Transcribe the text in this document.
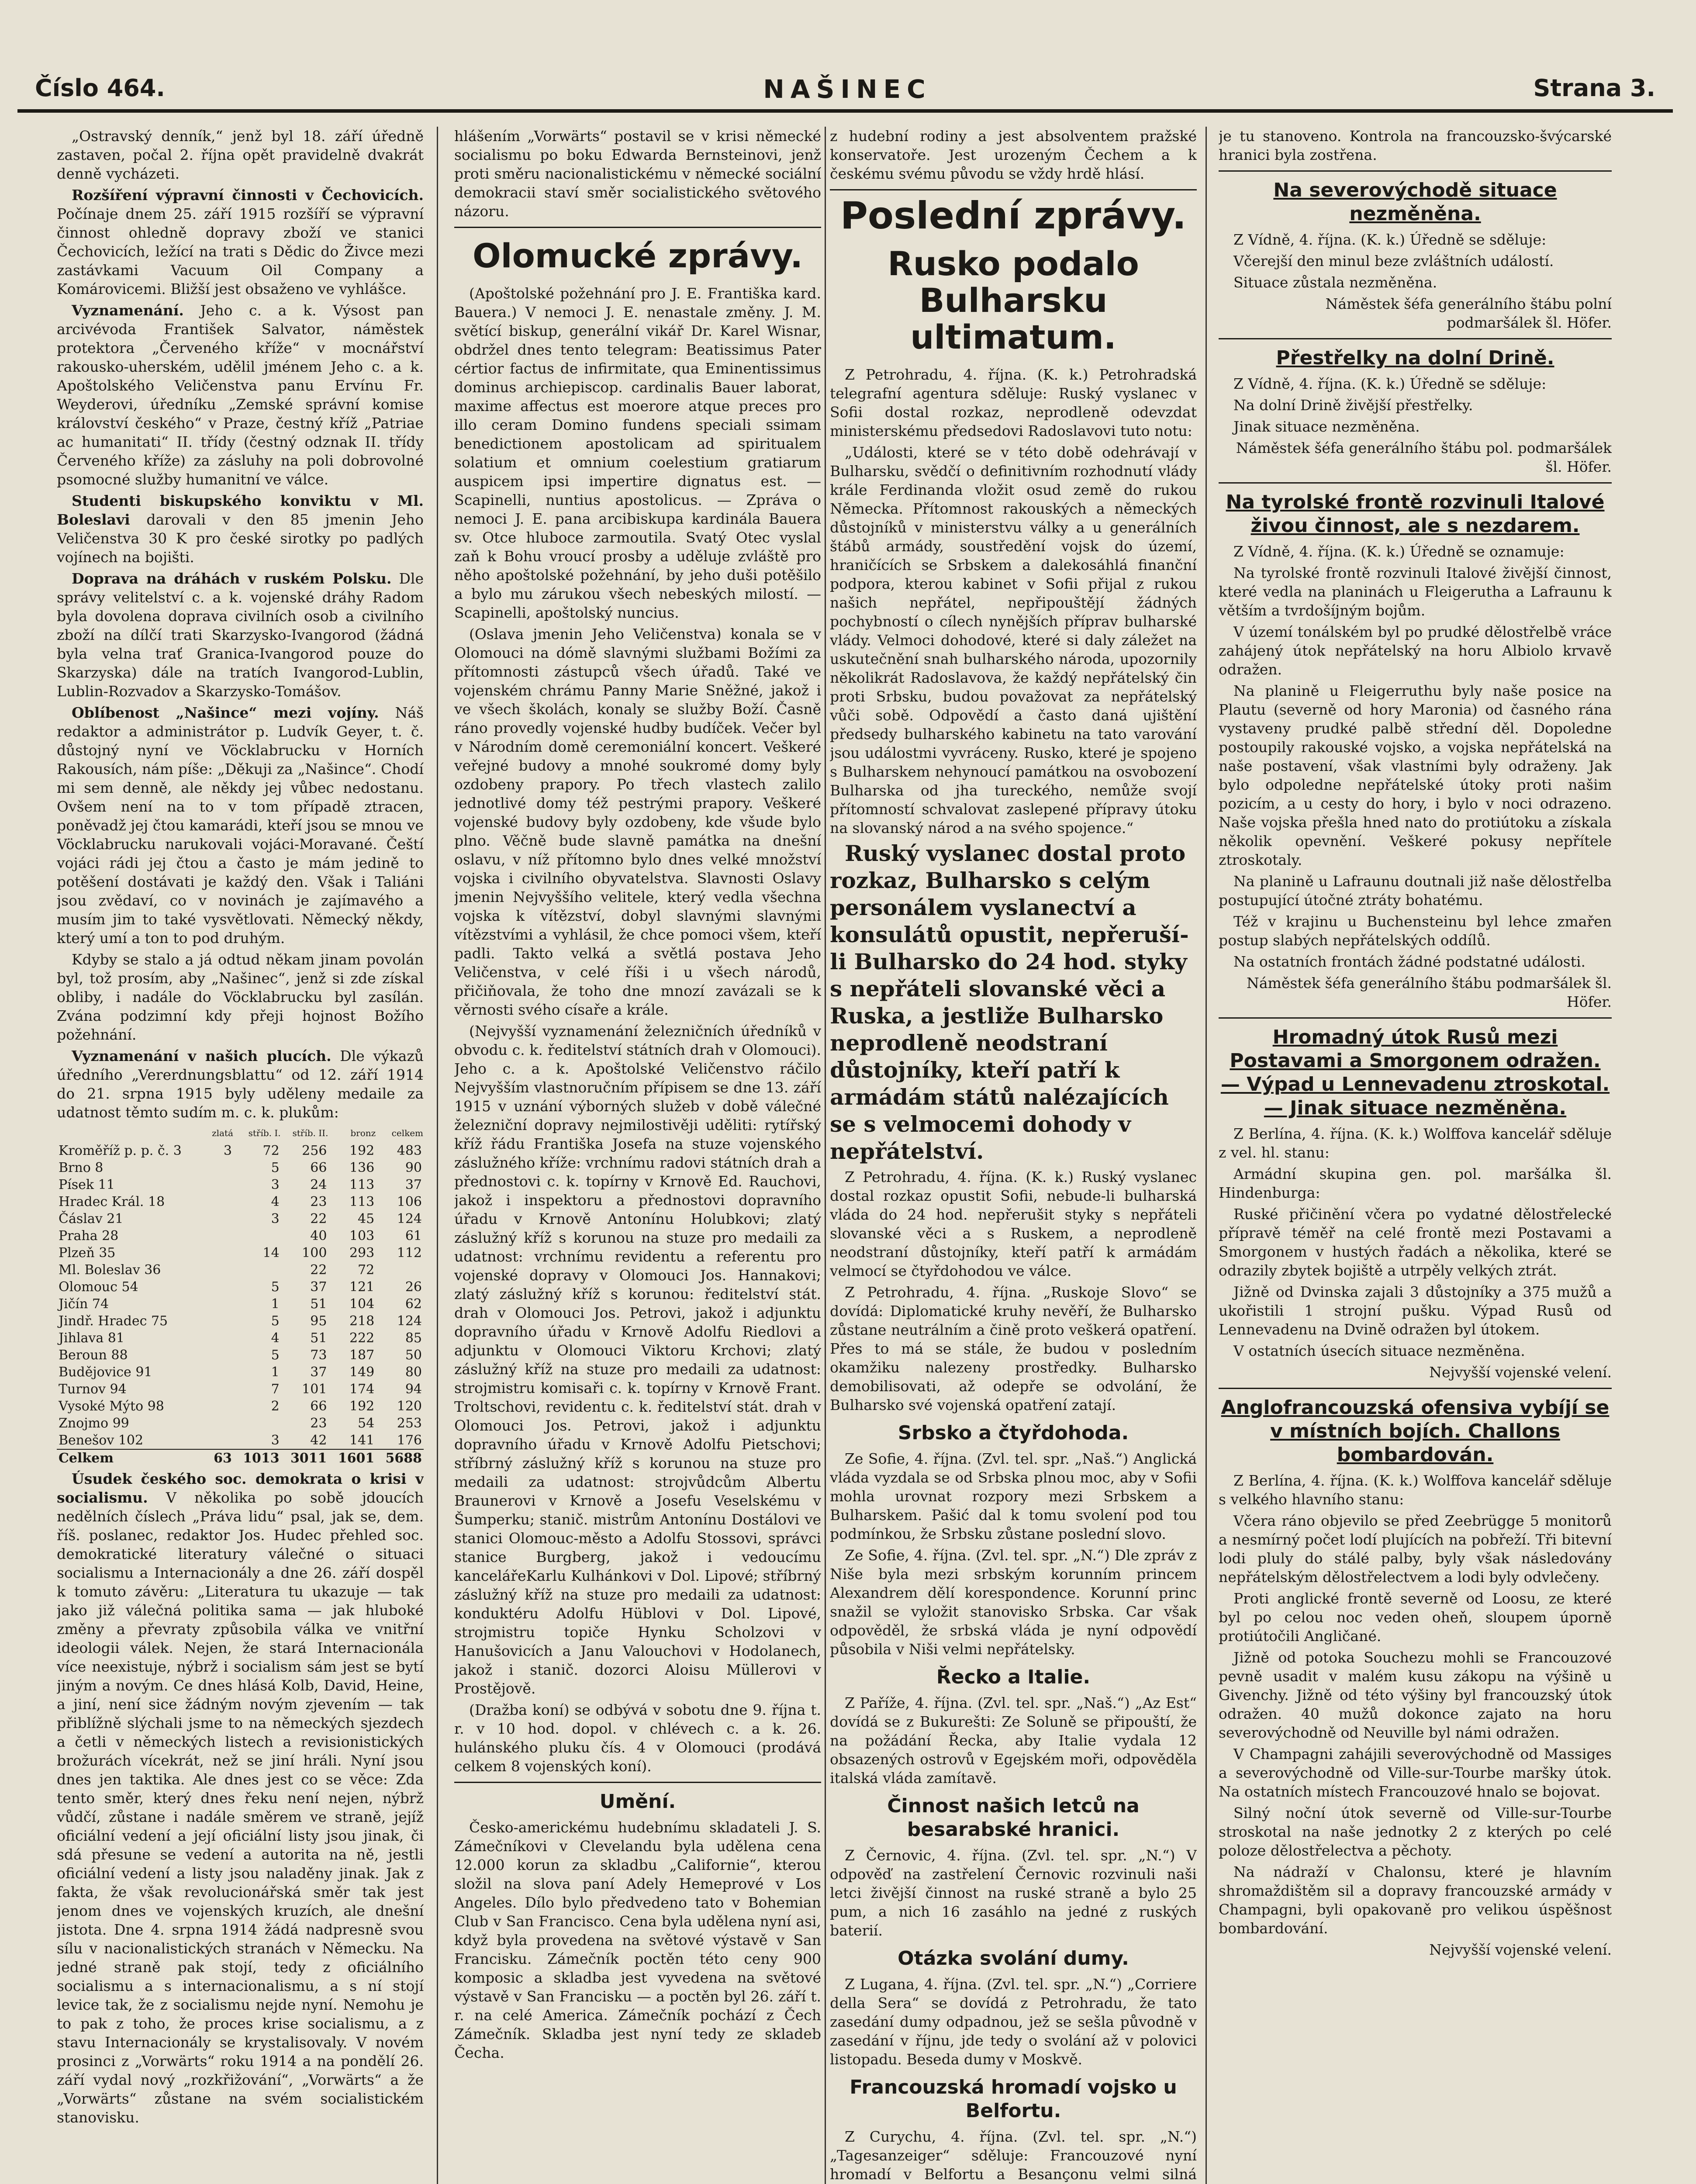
Číslo 464.	NAŠINEC	Strana 3.

„Ostravský denník,“ jenž byl 18. září úředně zastaven, počal 2. října opět pravidelně dvakrát denně vycházeti.

Rozšíření výpravní činnosti v Čechovicích. Počínaje dnem 25. září 1915 rozšíří se výpravní činnost ohledně dopravy zboží ve stanici Čechovicích, ležící na trati s Dědic do Živce mezi zastávkami Vacuum Oil Company a Komárovicemi. Bližší jest obsaženo ve vyhlášce.

Vyznamenání. Jeho c. a k. Výsost pan arcivévoda František Salvator, náměstek protektora „Červeného kříže“ v mocnářství rakousko-uherském, udělil jménem Jeho c. a k. Apoštolského Veličenstva panu Ervínu Fr. Weyderovi, úředníku „Zemské správní komise království českého“ v Praze, čestný kříž „Patriae ac humanitati“ II. třídy (čestný odznak II. třídy Červeného kříže) za zásluhy na poli dobrovolné psomocné služby humanitní ve válce.

Studenti biskupského konviktu v Ml. Boleslavi darovali v den 85 jmenin Jeho Veličenstva 30 K pro české sirotky po padlých vojínech na bojišti.

Doprava na dráhách v ruském Polsku. Dle správy velitelství c. a k. vojenské dráhy Radom byla dovolena doprava civilních osob a civilního zboží na dílčí trati Skarzysko-Ivangorod (žádná byla velna trať Granica-Ivangorod pouze do Skarzyska) dále na tratích Ivangorod-Lublin, Lublin-Rozvadov a Skarzysko-Tomášov.

Oblíbenost „Našince“ mezi vojíny. Náš redaktor a administrátor p. Ludvík Geyer, t. č. důstojný nyní ve Vöcklabrucku v Horních Rakousích, nám píše: „Děkuji za „Našince“. Chodí mi sem denně, ale někdy jej vůbec nedostanu. Ovšem není na to v tom případě ztracen, poněvadž jej čtou kamarádi, kteří jsou se mnou ve Vöcklabrucku narukovali vojáci-Moravané. Čeští vojáci rádi jej čtou a často je mám jedině to potěšení dostávati je každý den. Však i Taliáni jsou zvědaví, co v novinách je zajímavého a musím jim to také vysvětlovati. Německý někdy, který umí a ton to pod druhým.

Kdyby se stalo a já odtud někam jinam povolán byl, tož prosím, aby „Našinec“, jenž si zde získal obliby, i nadále do Vöcklabrucku byl zasílán. Zvána podzimní kdy přeji hojnost Božího požehnání.

Vyznamenání v našich plucích. Dle výkazů úředního „Vererdnungsblattu“ od 12. září 1914 do 21. srpna 1915 byly uděleny medaile za udatnost těmto sudím m. c. k. plukům:

	zlatá	stříb. I.	stříb. II.	bronz	celkem
Kroměříž p. p. č. 3	3	72	256	192	483
Brno 8		5	66	136	90
Písek 11		3	24	113	37
Hradec Král. 18		4	23	113	106
Čáslav 21		3	22	45	124
Praha 28			40	103	61
Plzeň 35		14	100	293	112
Ml. Boleslav 36			22	72	
Olomouc 54		5	37	121	26
Jičín 74		1	51	104	62
Jindř. Hradec 75		5	95	218	124
Jihlava 81		4	51	222	85
Beroun 88		5	73	187	50
Budějovice 91		1	37	149	80
Turnov 94		7	101	174	94
Vysoké Mýto 98		2	66	192	120
Znojmo 99			23	54	253
Benešov 102		3	42	141	176
Celkem	63	1013	3011	1601	5688

Úsudek českého soc. demokrata o krisi v socialismu. V několika po sobě jdoucích nedělních číslech „Práva lidu“ psal, jak se, dem. říš. poslanec, redaktor Jos. Hudec přehled soc. demokratické literatury válečné o situaci socialismu a Internacionály a dne 26. září dospěl k tomuto závěru: „Literatura tu ukazuje — tak jako již válečná politika sama — jak hluboké změny a převraty způsobila válka ve vnitřní ideologii válek. Nejen, že stará Internacionála více neexistuje, nýbrž i socialism sám jest se bytí jiným a novým. Ce dnes hlásá Kolb, David, Heine, a jiní, není sice žádným novým zjevením — tak přiblížně slýchali jsme to na německých sjezdech a četli v německých listech a revisionistických brožurách vícekrát, než se jiní hráli. Nyní jsou dnes jen taktika. Ale dnes jest co se věce: Zda tento směr, který dnes řeku není nejen, nýbrž vůdčí, zůstane i nadále směrem ve straně, jejíž oficiální vedení a její oficiální listy jsou jinak, či sdá přesune se vedení a autorita na ně, jestli oficiální vedení a listy jsou naladěny jinak. Jak z fakta, že však revolucionářská směr tak jest jenom dnes ve vojenských kruzích, ale dnešní jistota. Dne 4. srpna 1914 žádá nadpresně svou sílu v nacionalistických stranách v Německu. Na jedné straně pak stojí, tedy z oficiálního socialismu a s internacionalismu, a s ní stojí levice tak, že z socialismu nejde nyní. Nemohu je to pak z toho, že proces krise socialismu, a z stavu Internacionály se krystalisovaly. V novém prosinci z „Vorwärts“ roku 1914 a na pondělí 26. září vydal nový „rozkřižování“, „Vorwärts“ a že „Vorwärts“ zůstane na svém socialistickém stanovisku.

hlášením „Vorwärts“ postavil se v krisi německé socialismu po boku Edwarda Bernsteinovi, jenž proti směru nacionalistickému v německé sociální demokracii staví směr socialistického světového názoru.

Olomucké zprávy.

(Apoštolské požehnání pro J. E. Františka kard. Bauera.) V nemoci J. E. nenastale změny. J. M. světící biskup, generální vikář Dr. Karel Wisnar, obdržel dnes tento telegram: Beatissimus Pater cértior factus de infirmitate, qua Eminentissimus dominus archiepiscop. cardinalis Bauer laborat, maxime affectus est moerore atque preces pro illo ceram Domino fundens speciali ssimam benedictionem apostolicam ad spiritualem solatium et omnium coelestium gratiarum auspicem ipsi impertire dignatus est. — Scapinelli, nuntius apostolicus. — Zpráva o nemoci J. E. pana arcibiskupa kardinála Bauera sv. Otce hluboce zarmoutila. Svatý Otec vyslal zaň k Bohu vroucí prosby a uděluje zvláště pro něho apoštolské požehnání, by jeho duši potěšilo a bylo mu zárukou všech nebeských milostí. — Scapinelli, apoštolský nuncius.

(Oslava jmenin Jeho Veličenstva) konala se v Olomouci na dómě slavnými službami Božími za přítomnosti zástupců všech úřadů. Také ve vojenském chrámu Panny Marie Sněžné, jakož i ve všech školách, konaly se služby Boží. Časně ráno provedly vojenské hudby budíček. Večer byl v Národním domě ceremoniální koncert. Veškeré veřejné budovy a mnohé soukromé domy byly ozdobeny prapory. Po třech vlastech zalilo jednotlivé domy též pestrými prapory. Veškeré vojenské budovy byly ozdobeny, kde všude bylo plno. Věčně bude slavně památka na dnešní oslavu, v níž přítomno bylo dnes velké množství vojska i civilního obyvatelstva. Slavnosti Oslavy jmenin Nejvyššího velitele, který vedla všechna vojska k vítězství, dobyl slavnými slavnými vítězstvími a vyhlásil, že chce pomoci všem, kteří padli. Takto velká a světlá postava Jeho Veličenstva, v celé říši i u všech národů, přičiňovala, že toho dne mnozí zavázali se k věrnosti svého císaře a krále.

(Nejvyšší vyznamenání železničních úředníků v obvodu c. k. ředitelství státních drah v Olomouci). Jeho c. a k. Apoštolské Veličenstvo ráčilo Nejvyšším vlastnoručním přípisem se dne 13. září 1915 v uznání výborných služeb v době válečné železniční dopravy nejmilostivěji uděliti: rytířský kříž řádu Františka Josefa na stuze vojenského záslužného kříže: vrchnímu radovi státních drah a přednostovi c. k. topírny v Krnově Ed. Rauchovi, jakož i inspektoru a přednostovi dopravního úřadu v Krnově Antonínu Holubkovi; zlatý záslužný kříž s korunou na stuze pro medaili za udatnost: vrchnímu revidentu a referentu pro vojenské dopravy v Olomouci Jos. Hannakovi; zlatý záslužný kříž s korunou: ředitelství stát. drah v Olomouci Jos. Petrovi, jakož i adjunktu dopravního úřadu v Krnově Adolfu Riedlovi a adjunktu v Olomouci Viktoru Krchovi; zlatý záslužný kříž na stuze pro medaili za udatnost: strojmistru komisaři c. k. topírny v Krnově Frant. Troltschovi, revidentu c. k. ředitelství stát. drah v Olomouci Jos. Petrovi, jakož i adjunktu dopravního úřadu v Krnově Adolfu Pietschovi; stříbrný záslužný kříž s korunou na stuze pro medaili za udatnost: strojvůdcům Albertu Braunerovi v Krnově a Josefu Veselskému v Šumperku; stanič. mistrům Antonínu Dostálovi ve stanici Olomouc-město a Adolfu Stossovi, správci stanice Burgberg, jakož i vedoucímu kancelářeKarlu Kulhánkovi v Dol. Lipové; stříbrný záslužný kříž na stuze pro medaili za udatnost: konduktéru Adolfu Hüblovi v Dol. Lipové, strojmistru topiče Hynku Scholzovi v Hanušovicích a Janu Valouchovi v Hodolanech, jakož i stanič. dozorci Aloisu Müllerovi v Prostějově.

(Dražba koní) se odbývá v sobotu dne 9. října t. r. v 10 hod. dopol. v chlévech c. a k. 26. hulánského pluku čís. 4 v Olomouci (prodává celkem 8 vojenských koní).

Umění.

Česko-americkému hudebnímu skladateli J. S. Zámečníkovi v Clevelandu byla udělena cena 12.000 korun za skladbu „Californie“, kterou složil na slova paní Adely Hemeprové v Los Angeles. Dílo bylo předvedeno tato v Bohemian Club v San Francisco. Cena byla udělena nyní asi, když byla provedena na světové výstavě v San Francisku. Zámečník poctěn této ceny 900 komposic a skladba jest vyvedena na světové výstavě v San Francisku — a poctěn byl 26. září t. r. na celé America. Zámečník pochází z Čech Zámečník. Skladba jest nyní tedy ze skladeb Čecha.

z hudební rodiny a jest absolventem pražské konservatoře. Jest urozeným Čechem a k českému svému původu se vždy hrdě hlásí.

Poslední zprávy.
Rusko podalo Bulharsku ultimatum.

Z Petrohradu, 4. října. (K. k.) Petrohradská telegrafní agentura sděluje: Ruský vyslanec v Sofii dostal rozkaz, neprodleně odevzdat ministerskému předsedovi Radoslavovi tuto notu:

„Události, které se v této době odehrávají v Bulharsku, svědčí o definitivním rozhodnutí vlády krále Ferdinanda vložit osud země do rukou Německa. Přítomnost rakouských a německých důstojníků v ministerstvu války a u generálních štábů armády, soustředění vojsk do území, hraničících se Srbskem a dalekosáhlá finanční podpora, kterou kabinet v Sofii přijal z rukou našich nepřátel, nepřipouštějí žádných pochybností o cílech nynějších příprav bulharské vlády. Velmoci dohodové, které si daly záležet na uskutečnění snah bulharského národa, upozornily několikrát Radoslavova, že každý nepřátelský čin proti Srbsku, budou považovat za nepřátelský vůči sobě. Odpovědí a často daná ujištění předsedy bulharského kabinetu na tato varování jsou událostmi vyvráceny. Rusko, které je spojeno s Bulharskem nehynoucí památkou na osvobození Bulharska od jha tureckého, nemůže svojí přítomností schvalovat zaslepené přípravy útoku na slovanský národ a na svého spojence.“

Ruský vyslanec dostal proto rozkaz, Bulharsko s celým personálem vyslanectví a konsulátů opustit, nepřeruší-li Bulharsko do 24 hod. styky s nepřáteli slovanské věci a Ruska, a jestliže Bulharsko neprodleně neodstraní důstojníky, kteří patří k armádám států nalézajících se s velmocemi dohody v nepřátelství.

Z Petrohradu, 4. října. (K. k.) Ruský vyslanec dostal rozkaz opustit Sofii, nebude-li bulharská vláda do 24 hod. nepřerušit styky s nepřáteli slovanské věci a s Ruskem, a neprodleně neodstraní důstojníky, kteří patří k armádám velmocí se čtyřdohodou ve válce.

Z Petrohradu, 4. října. „Ruskoje Slovo“ se dovídá: Diplomatické kruhy nevěří, že Bulharsko zůstane neutrálním a čině proto veškerá opatření. Přes to má se stále, že budou v posledním okamžiku nalezeny prostředky. Bulharsko demobilisovati, až odepře se odvolání, že Bulharsko své vojenská opatření zatají.

Srbsko a čtyřdohoda.

Ze Sofie, 4. října. (Zvl. tel. spr. „Naš.“) Anglická vláda vyzdala se od Srbska plnou moc, aby v Sofii mohla urovnat rozpory mezi Srbskem a Bulharskem. Pašić dal k tomu svolení pod tou podmínkou, že Srbsku zůstane poslední slovo.

Ze Sofie, 4. října. (Zvl. tel. spr. „N.“) Dle zpráv z Niše byla mezi srbským korunním princem Alexandrem dělí korespondence. Korunní princ snažil se vyložit stanovisko Srbska. Car však odpověděl, že srbská vláda je nyní odpovědí působila v Niši velmi nepřátelsky.

Řecko a Italie.

Z Paříže, 4. října. (Zvl. tel. spr. „Naš.“) „Az Est“ dovídá se z Bukurešti: Ze Soluně se připouští, že na požádání Řecka, aby Italie vydala 12 obsazených ostrovů v Egejském moři, odpověděla italská vláda zamítavě.

Činnost našich letců na besarabské hranici.

Z Černovic, 4. října. (Zvl. tel. spr. „N.“) V odpověď na zastřelení Černovic rozvinuli naši letci živější činnost na ruské straně a bylo 25 pum, a nich 16 zasáhlo na jedné z ruských baterií.

Otázka svolání dumy.

Z Lugana, 4. října. (Zvl. tel. spr. „N.“) „Corriere della Sera“ se dovídá z Petrohradu, že tato zasedání dumy odpadnou, jež se sešla původně v zasedání v říjnu, jde tedy o svolání až v polovici listopadu. Beseda dumy v Moskvě.

Francouzská hromadí vojsko u Belfortu.

Z Curychu, 4. října. (Zvl. tel. spr. „N.“) „Tagesanzeiger“ sděluje: Francouzové nyní hromadí v Belfortu a Besançonu velmi silná

je tu stanoveno. Kontrola na francouzsko-švýcarské hranici byla zostřena.

Na severovýchodě situace nezměněna.

Z Vídně, 4. října. (K. k.) Úředně se sděluje:

Včerejší den minul beze zvláštních událostí.

Situace zůstala nezměněna.

Náměstek šéfa generálního štábu polní podmaršálek šl. Höfer.

Přestřelky na dolní Drině.

Z Vídně, 4. října. (K. k.) Úředně se sděluje:

Na dolní Drině živější přestřelky.

Jinak situace nezměněna.

Náměstek šéfa generálního štábu pol. podmaršálek šl. Höfer.

Na tyrolské frontě rozvinuli Italové živou činnost, ale s nezdarem.

Z Vídně, 4. října. (K. k.) Úředně se oznamuje:

Na tyrolské frontě rozvinuli Italové živější činnost, které vedla na planinách u Fleigerutha a Lafraunu k větším a tvrdošíjným bojům.

V území tonálském byl po prudké dělostřelbě vráce zahájený útok nepřátelský na horu Albiolo krvavě odražen.

Na planině u Fleigerruthu byly naše posice na Plautu (severně od hory Maronia) od časného rána vystaveny prudké palbě střední děl. Dopoledne postoupily rakouské vojsko, a vojska nepřátelská na naše postavení, však vlastními byly odraženy. Jak bylo odpoledne nepřátelské útoky proti našim pozicím, a u cesty do hory, i bylo v noci odrazeno. Naše vojska přešla hned nato do protiútoku a získala několik opevnění. Veškeré pokusy nepřítele ztroskotaly.

Na planině u Lafraunu doutnali již naše dělostřelba postupující útočné ztráty bohatému.

Též v krajinu u Buchensteinu byl lehce zmařen postup slabých nepřátelských oddílů.

Na ostatních frontách žádné podstatné události.

Náměstek šéfa generálního štábu podmaršálek šl. Höfer.

Hromadný útok Rusů mezi Postavami a Smorgonem odražen. — Výpad u Lennevadenu ztroskotal. — Jinak situace nezměněna.

Z Berlína, 4. října. (K. k.) Wolffova kancelář sděluje z vel. hl. stanu:

Armádní skupina gen. pol. maršálka šl. Hindenburga:

Ruské přičinění včera po vydatné dělostřelecké přípravě téměř na celé frontě mezi Postavami a Smorgonem v hustých řadách a několika, které se odrazily zbytek bojiště a utrpěly velkých ztrát.

Jižně od Dvinska zajali 3 důstojníky a 375 mužů a ukořistili 1 strojní pušku. Výpad Rusů od Lennevadenu na Dvině odražen byl útokem.

V ostatních úsecích situace nezměněna.

Nejvyšší vojenské velení.

Anglofrancouzská ofensiva vybíjí se v místních bojích. Challons bombardován.

Z Berlína, 4. října. (K. k.) Wolffova kancelář sděluje s velkého hlavního stanu:

Včera ráno objevilo se před Zeebrügge 5 monitorů a nesmírný počet lodí plujících na pobřeží. Tři bitevní lodi pluly do stálé palby, byly však následovány nepřátelským dělostřelectvem a lodi byly odvlečeny.

Proti anglické frontě severně od Loosu, ze které byl po celou noc veden oheň, sloupem úporně protiútočili Angličané.

Jižně od potoka Souchezu mohli se Francouzové pevně usadit v malém kusu zákopu na výšině u Givenchy. Jižně od této výšiny byl francouzský útok odražen. 40 mužů dokonce zajato na horu severovýchodně od Neuville byl námi odražen.

V Champagni zahájili severovýchodně od Massiges a severovýchodně od Ville-sur-Tourbe maršky útok. Na ostatních místech Francouzové hnalo se bojovat.

Silný noční útok severně od Ville-sur-Tourbe stroskotal na naše jednotky 2 z kterých po celé poloze dělostřelectva a pěchoty.

Na nádraží v Chalonsu, které je hlavním shromaždištěm sil a dopravy francouzské armády v Champagni, byli opakovaně pro velikou úspěšnost bombardování.

Nejvyšší vojenské velení.
